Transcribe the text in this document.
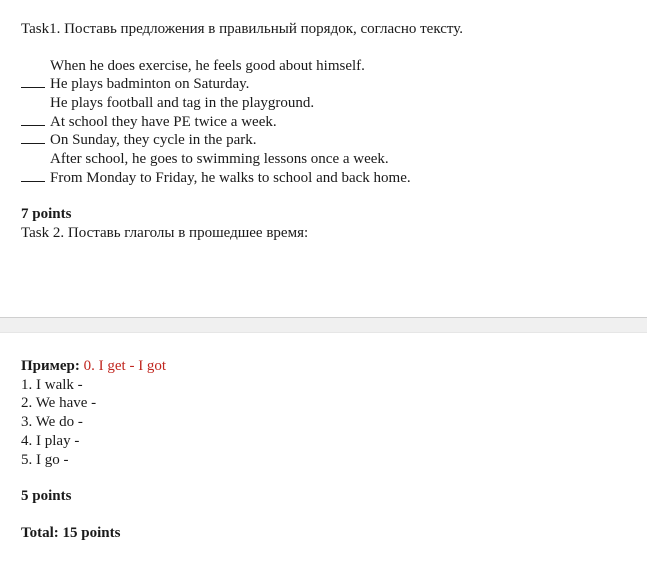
Task1. Поставь предложения в правильный порядок, согласно тексту.
When he does exercise, he feels good about himself.
He plays badminton on Saturday.
He plays football and tag in the playground.
At school they have PE twice a week.
On Sunday, they cycle in the park.
After school, he goes to swimming lessons once a week.
From Monday to Friday, he walks to school and back home.
7 points
Task 2. Поставь глаголы в прошедшее время:
Пример: 0. I get - I got
1. I walk -
2. We have -
3. We do -
4. I play -
5. I go -
5 points
Total: 15 points
